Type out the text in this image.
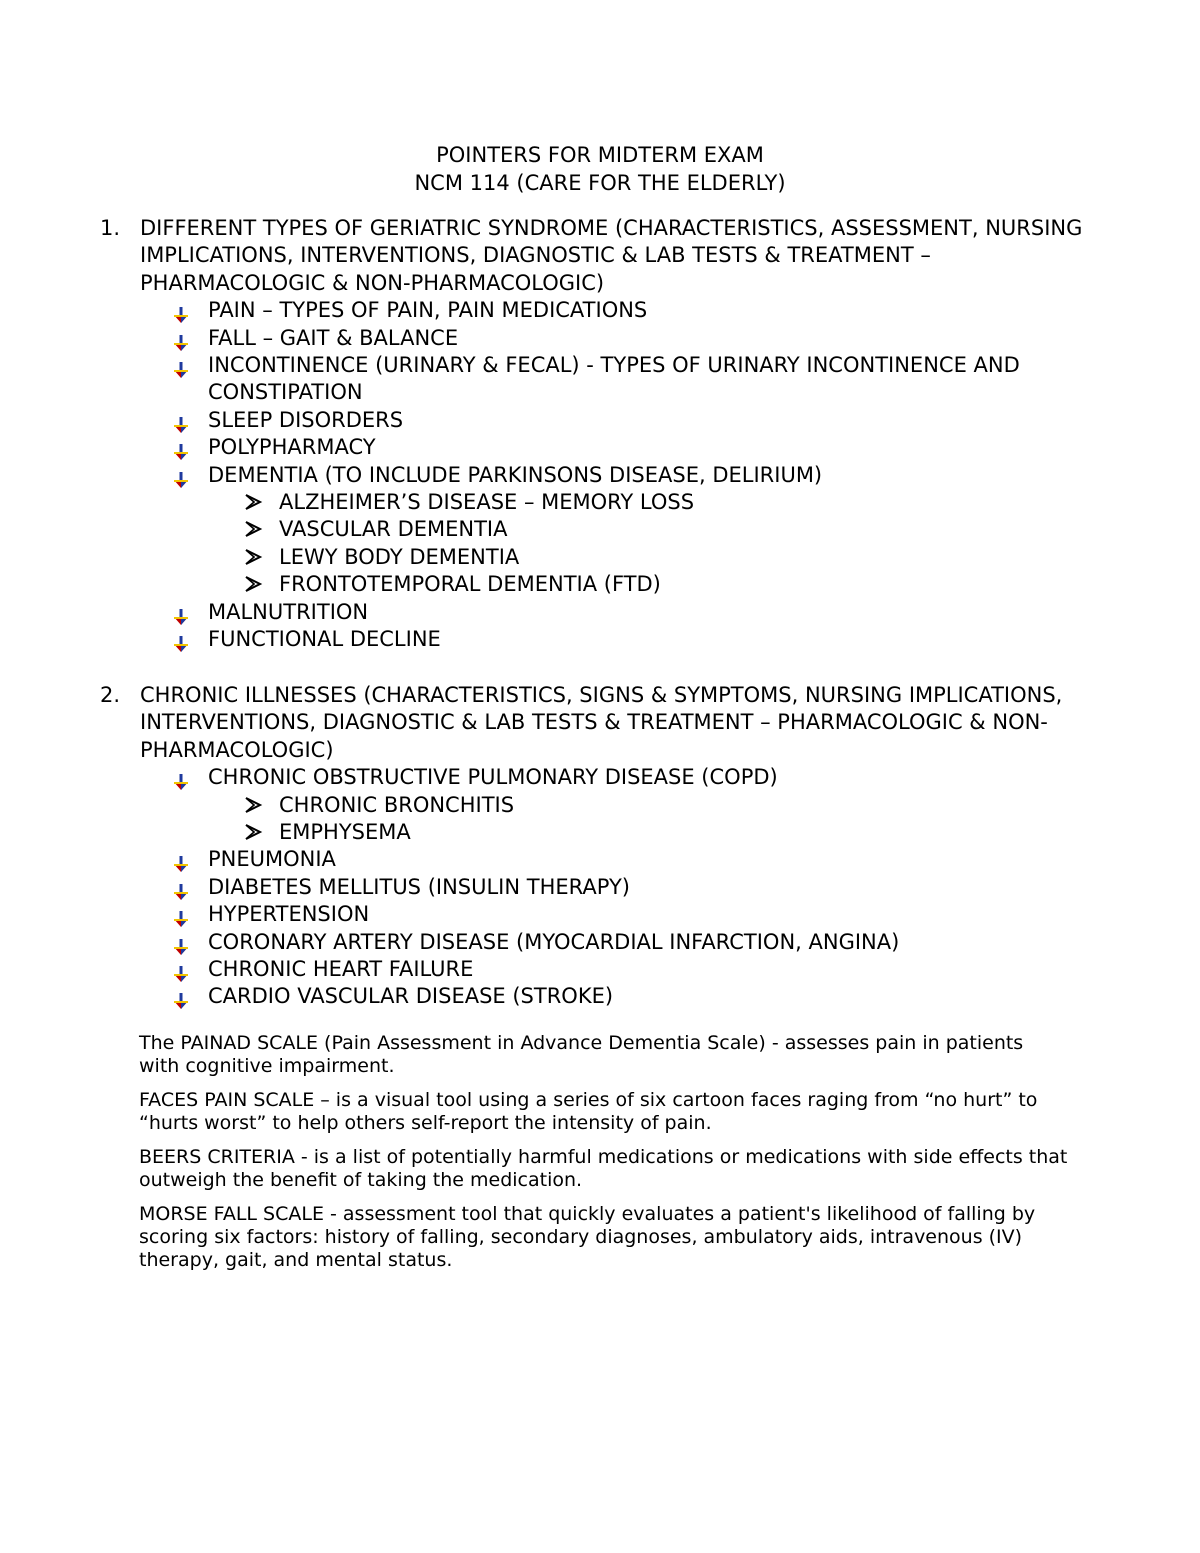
POINTERS FOR MIDTERM EXAM
NCM 114 (CARE FOR THE ELDERLY)
1. DIFFERENT TYPES OF GERIATRIC SYNDROME (CHARACTERISTICS, ASSESSMENT, NURSING IMPLICATIONS, INTERVENTIONS, DIAGNOSTIC & LAB TESTS & TREATMENT – PHARMACOLOGIC & NON-PHARMACOLOGIC)
PAIN – TYPES OF PAIN, PAIN MEDICATIONS
FALL – GAIT & BALANCE
INCONTINENCE (URINARY & FECAL) - TYPES OF URINARY INCONTINENCE AND CONSTIPATION
SLEEP DISORDERS
POLYPHARMACY
DEMENTIA (TO INCLUDE PARKINSONS DISEASE, DELIRIUM)
ALZHEIMER’S DISEASE – MEMORY LOSS
VASCULAR DEMENTIA
LEWY BODY DEMENTIA
FRONTOTEMPORAL DEMENTIA (FTD)
MALNUTRITION
FUNCTIONAL DECLINE
2. CHRONIC ILLNESSES (CHARACTERISTICS, SIGNS & SYMPTOMS, NURSING IMPLICATIONS, INTERVENTIONS, DIAGNOSTIC & LAB TESTS & TREATMENT – PHARMACOLOGIC & NON-PHARMACOLOGIC)
CHRONIC OBSTRUCTIVE PULMONARY DISEASE (COPD)
CHRONIC BRONCHITIS
EMPHYSEMA
PNEUMONIA
DIABETES MELLITUS (INSULIN THERAPY)
HYPERTENSION
CORONARY ARTERY DISEASE (MYOCARDIAL INFARCTION, ANGINA)
CHRONIC HEART FAILURE
CARDIO VASCULAR DISEASE (STROKE)

The PAINAD SCALE (Pain Assessment in Advance Dementia Scale) - assesses pain in patients with cognitive impairment.

FACES PAIN SCALE – is a visual tool using a series of six cartoon faces raging from “no hurt” to “hurts worst” to help others self-report the intensity of pain.

BEERS CRITERIA - is a list of potentially harmful medications or medications with side effects that outweigh the benefit of taking the medication.

MORSE FALL SCALE - assessment tool that quickly evaluates a patient's likelihood of falling by scoring six factors: history of falling, secondary diagnoses, ambulatory aids, intravenous (IV) therapy, gait, and mental status.
